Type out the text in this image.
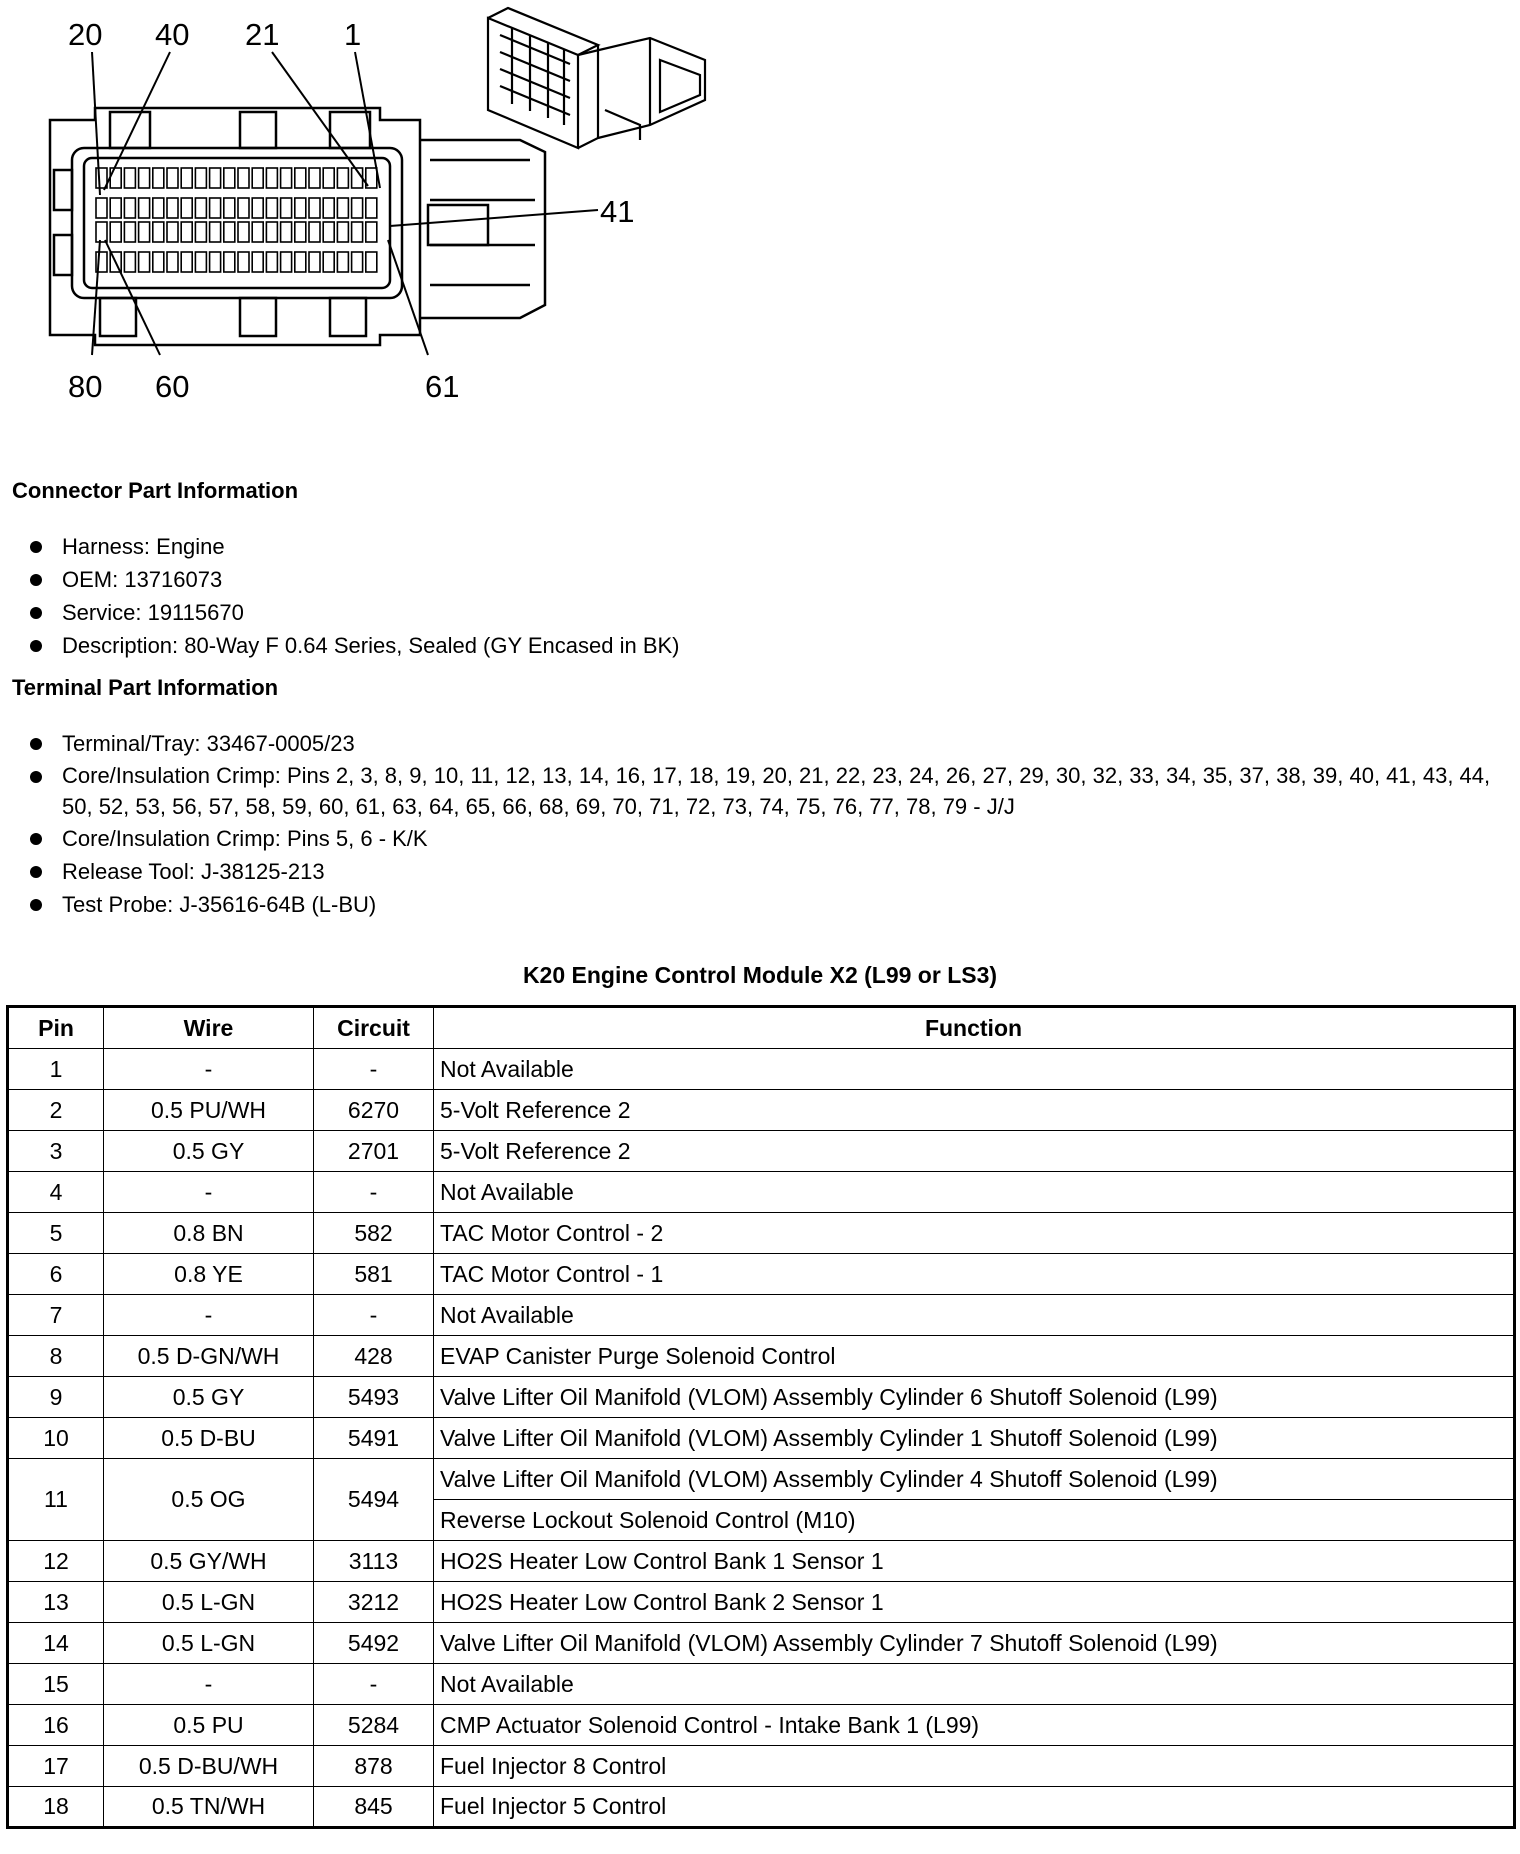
20 40 21 1
41
80 60	61
Connector Part Information
Harness: Engine
OEM: 13716073
Service: 19115670
Description: 80-Way F 0.64 Series, Sealed (GY Encased in BK)
Terminal Part Information
Terminal/Tray: 33467-0005/23
Core/Insulation Crimp: Pins 2, 3, 8, 9, 10, 11, 12, 13, 14, 16, 17, 18, 19, 20, 21, 22, 23, 24, 26, 27, 29, 30, 32, 33, 34, 35, 37, 38, 39, 40, 41, 43, 44, 50, 52, 53, 56, 57, 58, 59, 60, 61, 63, 64, 65, 66, 68, 69, 70, 71, 72, 73, 74, 75, 76, 77, 78, 79 - J/J
Core/Insulation Crimp: Pins 5, 6 - K/K
Release Tool: J-38125-213
Test Probe: J-35616-64B (L-BU)
K20 Engine Control Module X2 (L99 or LS3)
Pin	Wire	Circuit	Function
1	-	-	Not Available
2	0.5 PU/WH	6270	5-Volt Reference 2
3	0.5 GY	2701	5-Volt Reference 2
4	-	-	Not Available
5	0.8 BN	582	TAC Motor Control - 2
6	0.8 YE	581	TAC Motor Control - 1
7	-	-	Not Available
8	0.5 D-GN/WH	428	EVAP Canister Purge Solenoid Control
9	0.5 GY	5493	Valve Lifter Oil Manifold (VLOM) Assembly Cylinder 6 Shutoff Solenoid (L99)
10	0.5 D-BU	5491	Valve Lifter Oil Manifold (VLOM) Assembly Cylinder 1 Shutoff Solenoid (L99)
11	0.5 OG	5494	Valve Lifter Oil Manifold (VLOM) Assembly Cylinder 4 Shutoff Solenoid (L99)
			Reverse Lockout Solenoid Control (M10)
12	0.5 GY/WH	3113	HO2S Heater Low Control Bank 1 Sensor 1
13	0.5 L-GN	3212	HO2S Heater Low Control Bank 2 Sensor 1
14	0.5 L-GN	5492	Valve Lifter Oil Manifold (VLOM) Assembly Cylinder 7 Shutoff Solenoid (L99)
15	-	-	Not Available
16	0.5 PU	5284	CMP Actuator Solenoid Control - Intake Bank 1 (L99)
17	0.5 D-BU/WH	878	Fuel Injector 8 Control
18	0.5 TN/WH	845	Fuel Injector 5 Control
